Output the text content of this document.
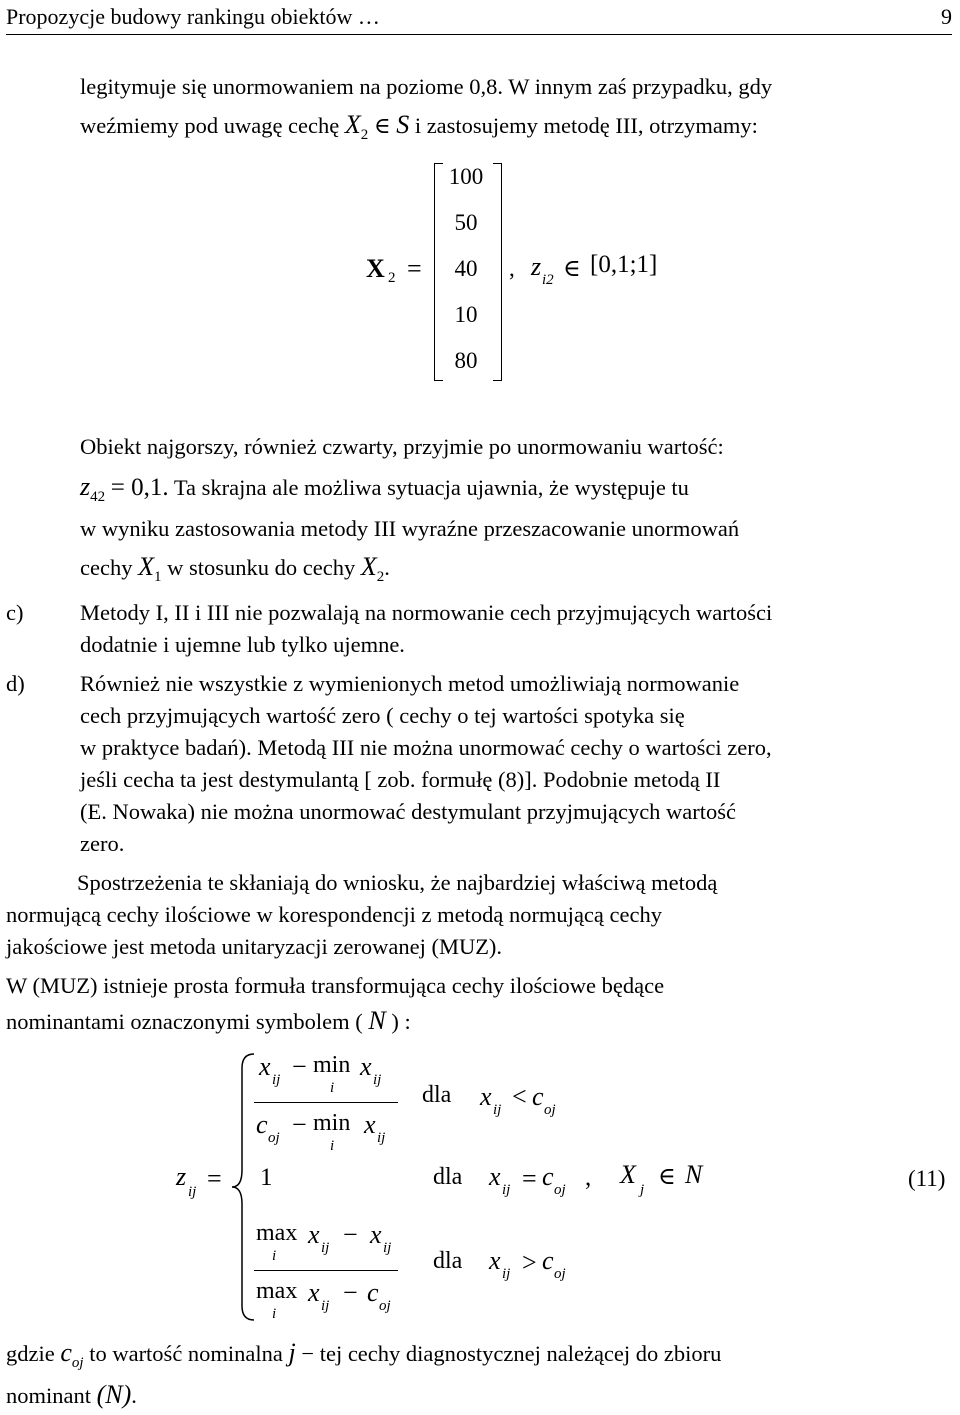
Propozycje budowy rankingu obiektów …	9
legitymuje się unormowaniem na poziome 0,8. W innym zaś przypadku, gdy
weźmiemy pod uwagę cechę $X_2$ ∈ S i zastosujemy metodę III, otrzymamy:
X 2 =
100
50
40
10
80
, z i2 ∈ [0,1;1]
Obiekt najgorszy, również czwarty, przyjmie po unormowaniu wartość:
$z_{42} = 0,1$. Ta skrajna ale możliwa sytuacja ujawnia, że występuje tu
w wyniku zastosowania metody III wyraźne przeszacowanie unormowań
cechy $X_1$ w stosunku do cechy $X_2$.
c)	Metody I, II i III nie pozwalają na normowanie cech przyjmujących wartości
dodatnie i ujemne lub tylko ujemne.
d) Również nie wszystkie z wymienionych metod umożliwiają normowanie
cech przyjmujących wartość zero ( cechy o tej wartości spotyka się
w praktyce badań). Metodą III nie można unormować cechy o wartości zero,
jeśli cecha ta jest destymulantą [ zob. formułę (8)]. Podobnie metodą II
(E. Nowaka) nie można unormować destymulant przyjmujących wartość
zero.
Spostrzeżenia te skłaniają do wniosku, że najbardziej właściwą metodą
normującą cechy ilościowe w korespondencji z metodą normującą cechy
jakościowe jest metoda unitaryzacji zerowanej (MUZ).
W (MUZ) istnieje prosta formuła transformująca cechy ilościowe będące
nominantami oznaczonymi symbolem ( N ) :
z
ij =
x ij − min
i
x ij
c oj − min
i
x ij
dla x ij < c oj
1	dla x ij = c oj , X
j ∈ N
max
i
x ij − x ij
max
i
x ij − c oj
dla x ij > c oj
(11)
gdzie $c_{oj}$ to wartość nominalna j − tej cechy diagnostycznej należącej do zbioru
nominant (N).
